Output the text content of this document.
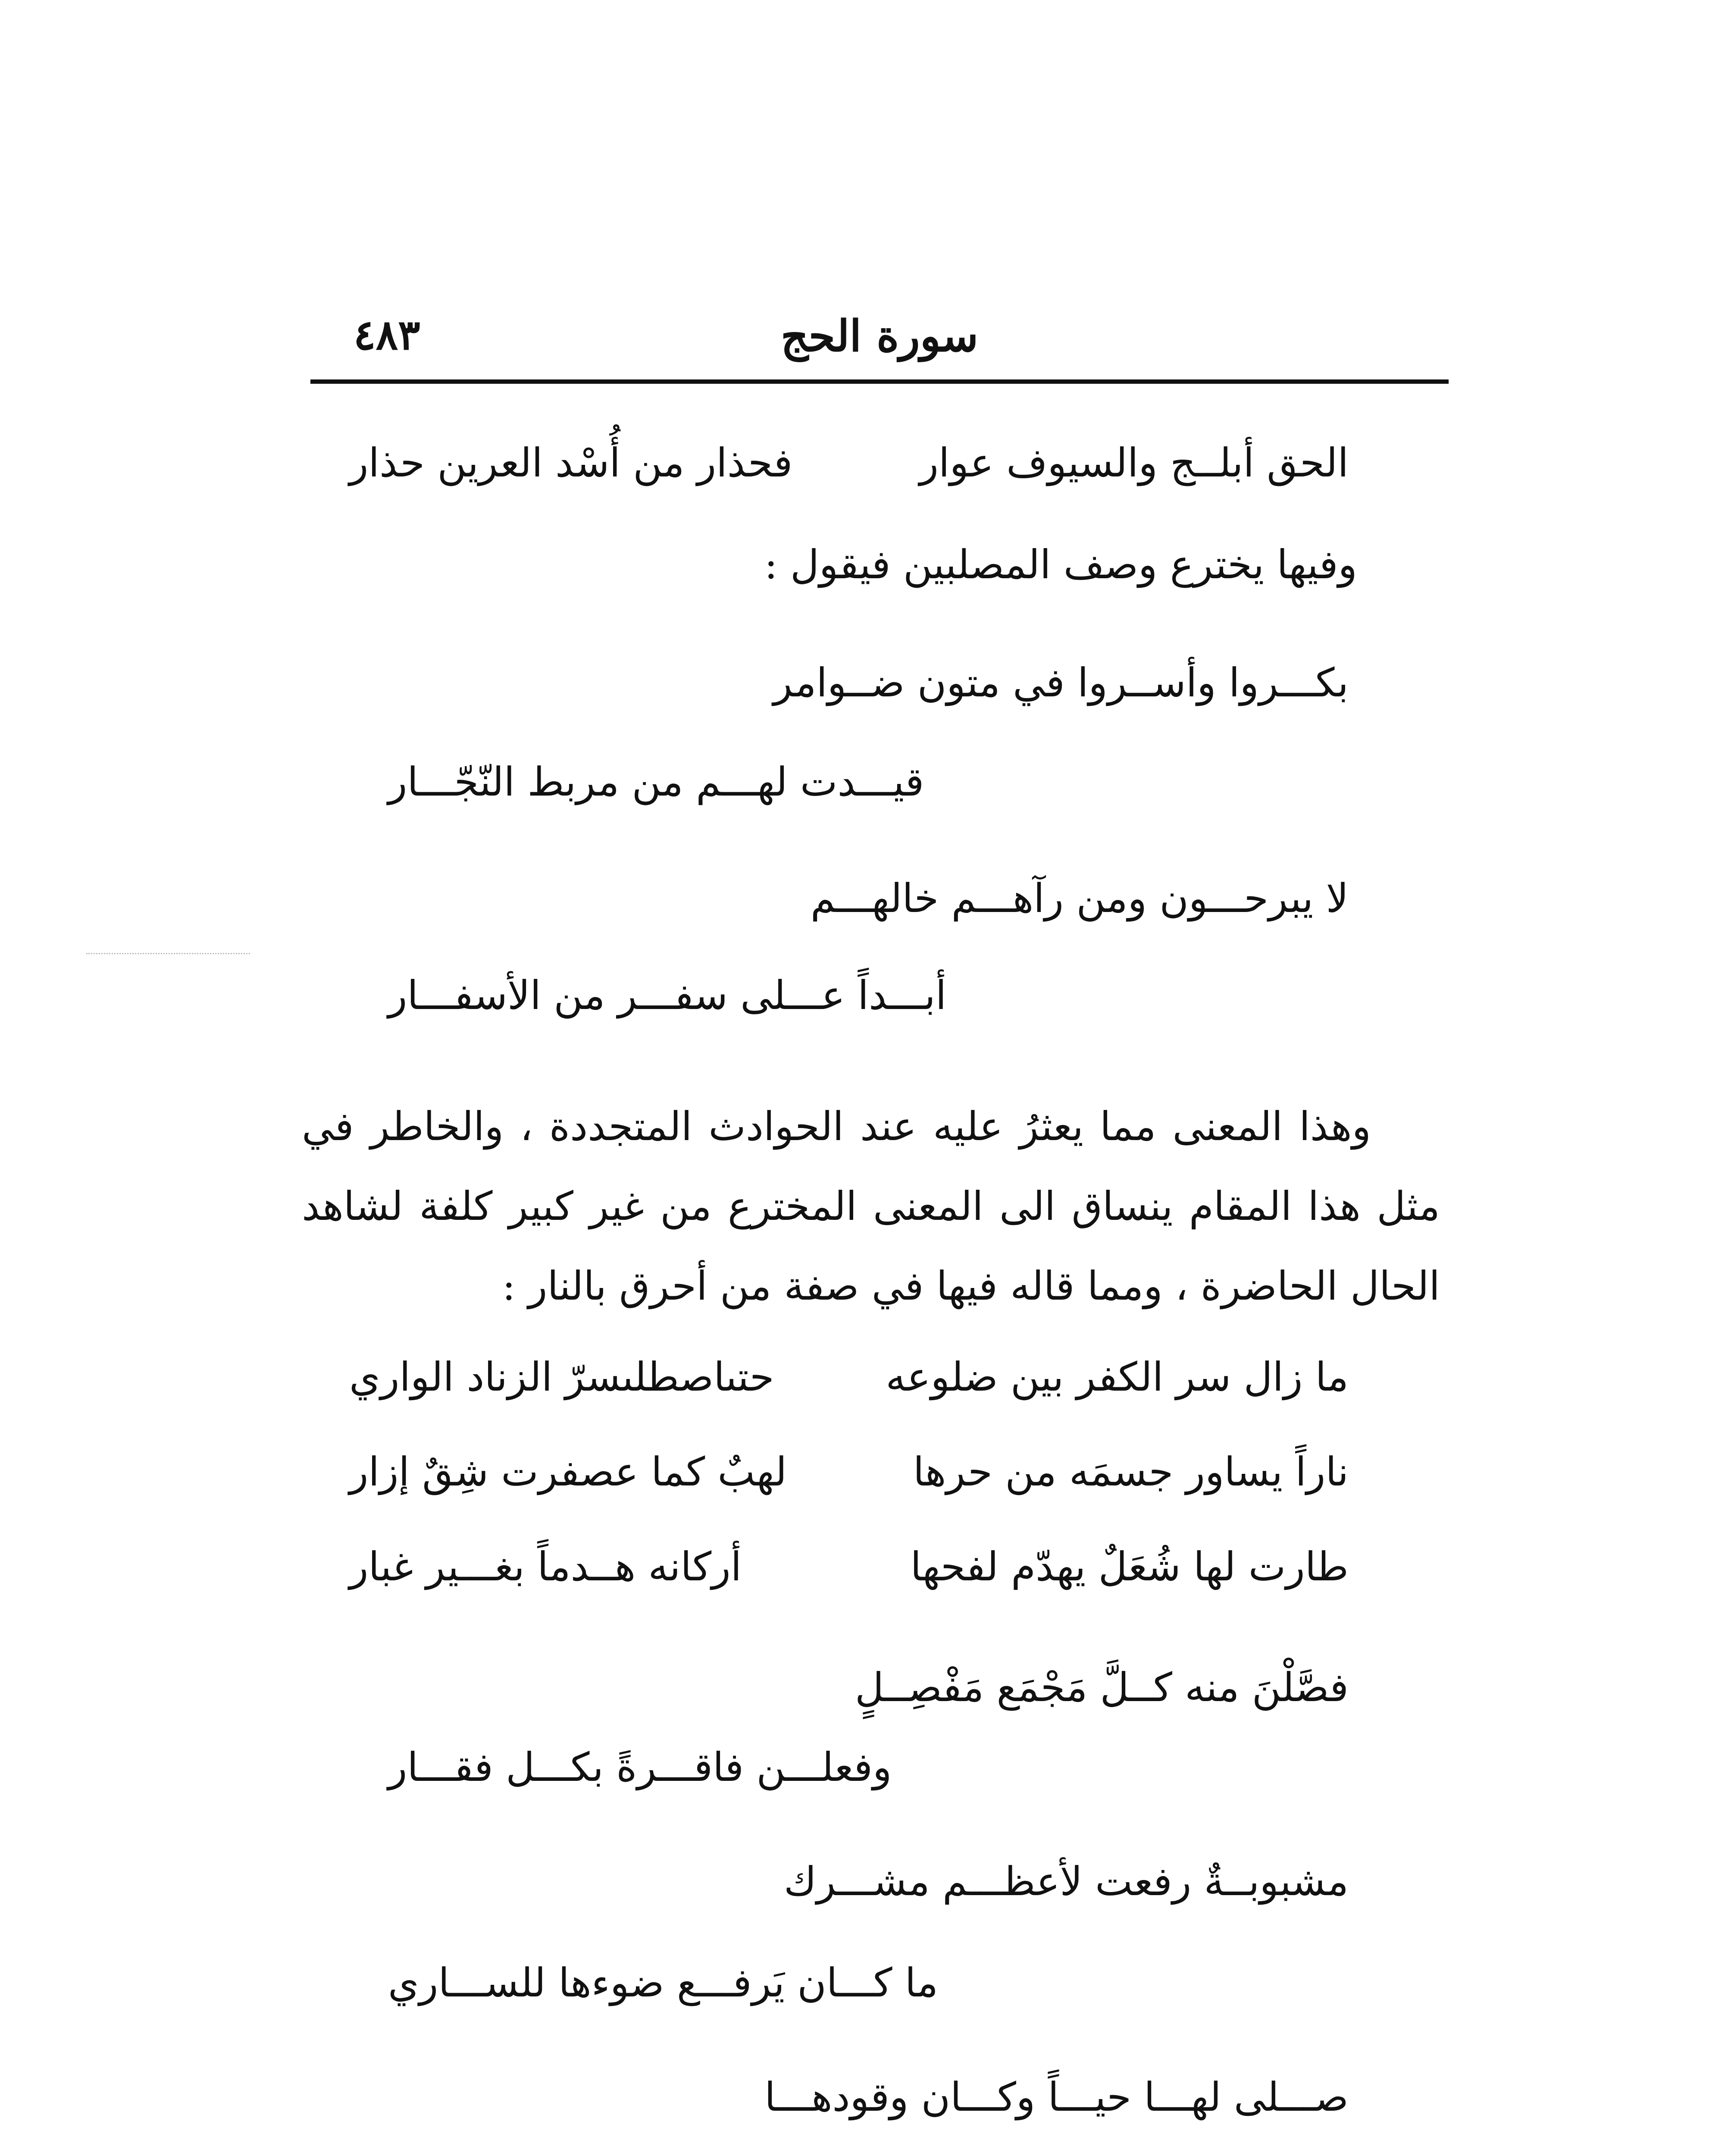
٤٨٣	سورة الحج
الحق أبلــج والسيوف عوار
فحذار من أُسْد العرين حذار
وفيها يخترع وصف المصلبين فيقول :
بكـــروا وأســروا في متون ضــوامر
قيـــدت لهـــم من مربط النّجّـــار
لا يبرحـــون ومن رآهـــم خالهـــم
أبـــداً عـــلى سفـــر من الأسفـــار
وهذا المعنى مما يعثرُ عليه عند الحوادث المتجددة ، والخاطر في مثل هذا المقام ينساق الى المعنى المخترع من غير كبير كلفة لشاهد الحال الحاضرة ، ومما قاله فيها في صفة من أحرق بالنار :
ما زال سر الكفر بين ضلوعه
حتىاصطلىسرّ الزناد الواري
ناراً يساور جسمَه من حرها
لهبٌ كما عصفرت شِقٌ إزار
طارت لها شُعَلٌ يهدّم لفحها
أركانه هــدماً بغـــير غبار
فصَّلْنَ منه كــلَّ مَجْمَع مَفْصِــلٍ
وفعلـــن فاقـــرةً بكـــل فقـــار
مشبوبــةٌ رفعت لأعظـــم مشـــرك
ما كـــان يَرفـــع ضوءها للســـاري
صـــلى لهـــا حيـــاً وكـــان وقودهـــا
